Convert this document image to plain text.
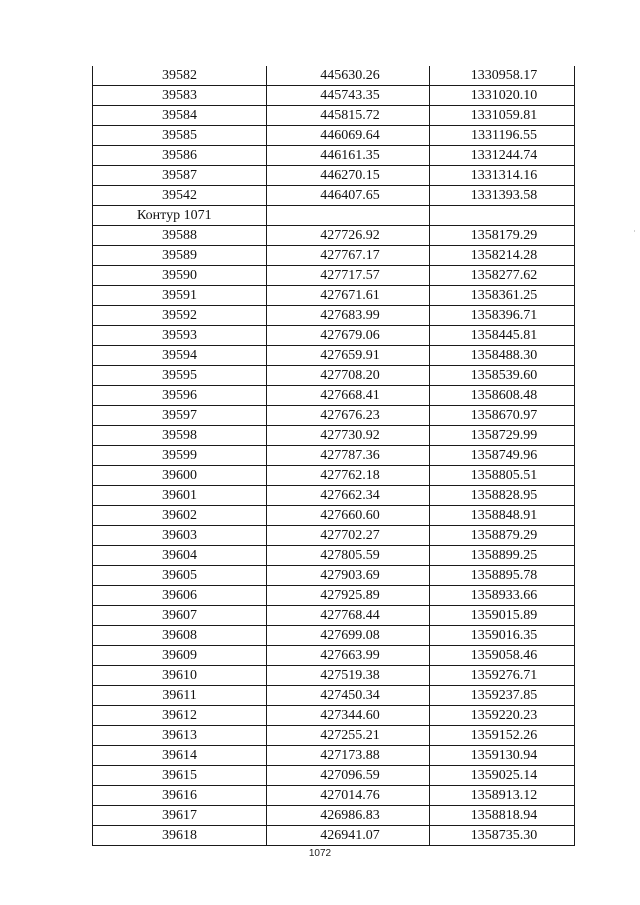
39582	445630.26	1330958.17
39583	445743.35	1331020.10
39584	445815.72	1331059.81
39585	446069.64	1331196.55
39586	446161.35	1331244.74
39587	446270.15	1331314.16
39542	446407.65	1331393.58
Контур 1071		
39588	427726.92	1358179.29
39589	427767.17	1358214.28
39590	427717.57	1358277.62
39591	427671.61	1358361.25
39592	427683.99	1358396.71
39593	427679.06	1358445.81
39594	427659.91	1358488.30
39595	427708.20	1358539.60
39596	427668.41	1358608.48
39597	427676.23	1358670.97
39598	427730.92	1358729.99
39599	427787.36	1358749.96
39600	427762.18	1358805.51
39601	427662.34	1358828.95
39602	427660.60	1358848.91
39603	427702.27	1358879.29
39604	427805.59	1358899.25
39605	427903.69	1358895.78
39606	427925.89	1358933.66
39607	427768.44	1359015.89
39608	427699.08	1359016.35
39609	427663.99	1359058.46
39610	427519.38	1359276.71
39611	427450.34	1359237.85
39612	427344.60	1359220.23
39613	427255.21	1359152.26
39614	427173.88	1359130.94
39615	427096.59	1359025.14
39616	427014.76	1358913.12
39617	426986.83	1358818.94
39618	426941.07	1358735.30
1072
